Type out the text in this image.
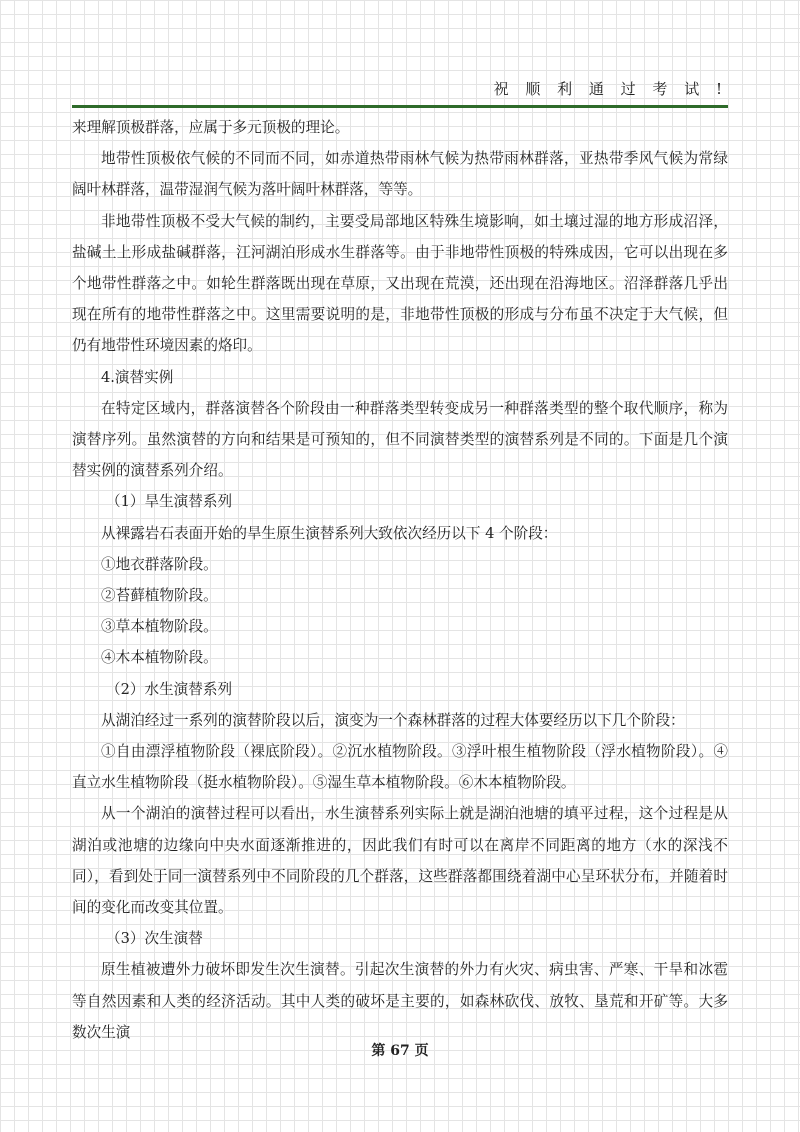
祝 顺 利 通 过 考 试 !

来理解顶极群落，应属于多元顶极的理论。

地带性顶极依气候的不同而不同，如赤道热带雨林气候为热带雨林群落，亚热带季风气候为常绿阔叶林群落，温带湿润气候为落叶阔叶林群落，等等。

非地带性顶极不受大气候的制约，主要受局部地区特殊生境影响，如土壤过湿的地方形成沼泽，盐碱土上形成盐碱群落，江河湖泊形成水生群落等。由于非地带性顶极的特殊成因，它可以出现在多个地带性群落之中。如轮生群落既出现在草原，又出现在荒漠，还出现在沿海地区。沼泽群落几乎出现在所有的地带性群落之中。这里需要说明的是，非地带性顶极的形成与分布虽不决定于大气候，但仍有地带性环境因素的烙印。

4.演替实例

在特定区域内，群落演替各个阶段由一种群落类型转变成另一种群落类型的整个取代顺序，称为演替序列。虽然演替的方向和结果是可预知的，但不同演替类型的演替系列是不同的。下面是几个演替实例的演替系列介绍。

（1）旱生演替系列

从裸露岩石表面开始的旱生原生演替系列大致依次经历以下 4 个阶段：

①地衣群落阶段。

②苔藓植物阶段。

③草本植物阶段。

④木本植物阶段。

（2）水生演替系列

从湖泊经过一系列的演替阶段以后，演变为一个森林群落的过程大体要经历以下几个阶段：

①自由漂浮植物阶段（裸底阶段）。②沉水植物阶段。③浮叶根生植物阶段（浮水植物阶段）。④直立水生植物阶段（挺水植物阶段）。⑤湿生草本植物阶段。⑥木本植物阶段。

从一个湖泊的演替过程可以看出，水生演替系列实际上就是湖泊池塘的填平过程，这个过程是从湖泊或池塘的边缘向中央水面逐渐推进的，因此我们有时可以在离岸不同距离的地方（水的深浅不同），看到处于同一演替系列中不同阶段的几个群落，这些群落都围绕着湖中心呈环状分布，并随着时间的变化而改变其位置。

（3）次生演替

原生植被遭外力破坏即发生次生演替。引起次生演替的外力有火灾、病虫害、严寒、干旱和冰雹等自然因素和人类的经济活动。其中人类的破坏是主要的，如森林砍伐、放牧、垦荒和开矿等。大多数次生演

第 67 页
